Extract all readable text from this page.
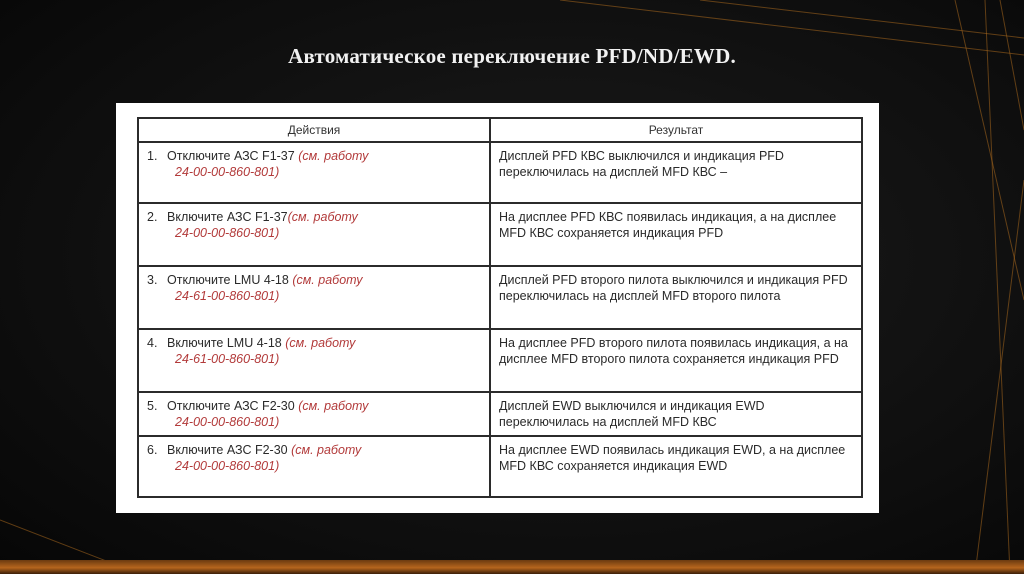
Автоматическое переключение PFD/ND/EWD.
Действия	Результат
1. Отключите АЗС F1-37 (см. работу
24-00-00-860-801)	Дисплей PFD КВС выключился и индикация PFD переключилась на дисплей MFD КВС –
2. Включите АЗС F1-37(см. работу
24-00-00-860-801)	На дисплее PFD КВС появилась индикация, а на дисплее MFD КВС сохраняется индикация PFD
3. Отключите LMU 4-18 (см. работу
24-61-00-860-801)	Дисплей PFD второго пилота выключился и индикация PFD переключилась на дисплей MFD второго пилота
4. Включите LMU 4-18 (см. работу
24-61-00-860-801)	На дисплее PFD второго пилота появилась индикация, а на дисплее MFD второго пилота сохраняется индикация PFD
5. Отключите АЗС F2-30 (см. работу
24-00-00-860-801)	Дисплей EWD выключился и индикация EWD переключилась на дисплей MFD КВС
6. Включите АЗС F2-30 (см. работу
24-00-00-860-801)	На дисплее EWD появилась индикация EWD, а на дисплее MFD КВС сохраняется индикация EWD
